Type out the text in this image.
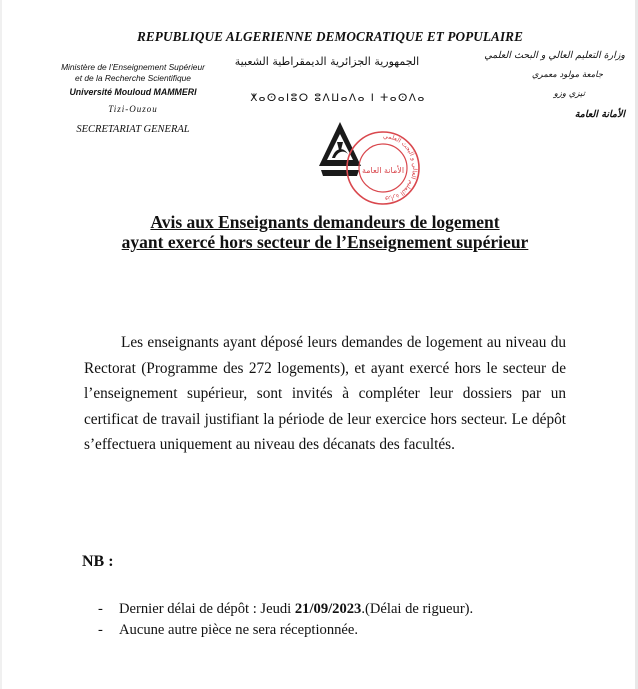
REPUBLIQUE ALGERIENNE DEMOCRATIQUE ET POPULAIRE
Ministère de l’Enseignement Supérieur
et de la Recherche Scientifique
Université Mouloud MAMMERI
Tizi-Ouzou
SECRETARIAT GENERAL
الجمهورية الجزائرية الديمقراطية الشعبية
ⵅⴰⵙⴰⵏⵓⵔ ⵓⴷⵡⴰⴷⴰ ⵏ ⵜⴰⵙⴷⴰ
وزارة التعليم العالي و البحث العلمي
جامعة مولود معمري
تيزي وزو
الأمانة العامة
وزارة التعليم العالي و البحث العلمي
الأمانة العامة
Avis aux Enseignants demandeurs de logement
ayant exercé hors secteur de l’Enseignement supérieur
Les enseignants ayant déposé leurs demandes de logement au niveau du Rectorat (Programme des 272 logements), et ayant exercé hors le secteur de l’enseignement supérieur, sont invités à compléter leur dossiers par un certificat de travail justifiant la période de leur exercice hors secteur. Le dépôt s’effectuera uniquement au niveau des décanats des facultés.
NB :
-	Dernier délai de dépôt : Jeudi 21/09/2023.(Délai de rigueur).
-	Aucune autre pièce ne sera réceptionnée.
